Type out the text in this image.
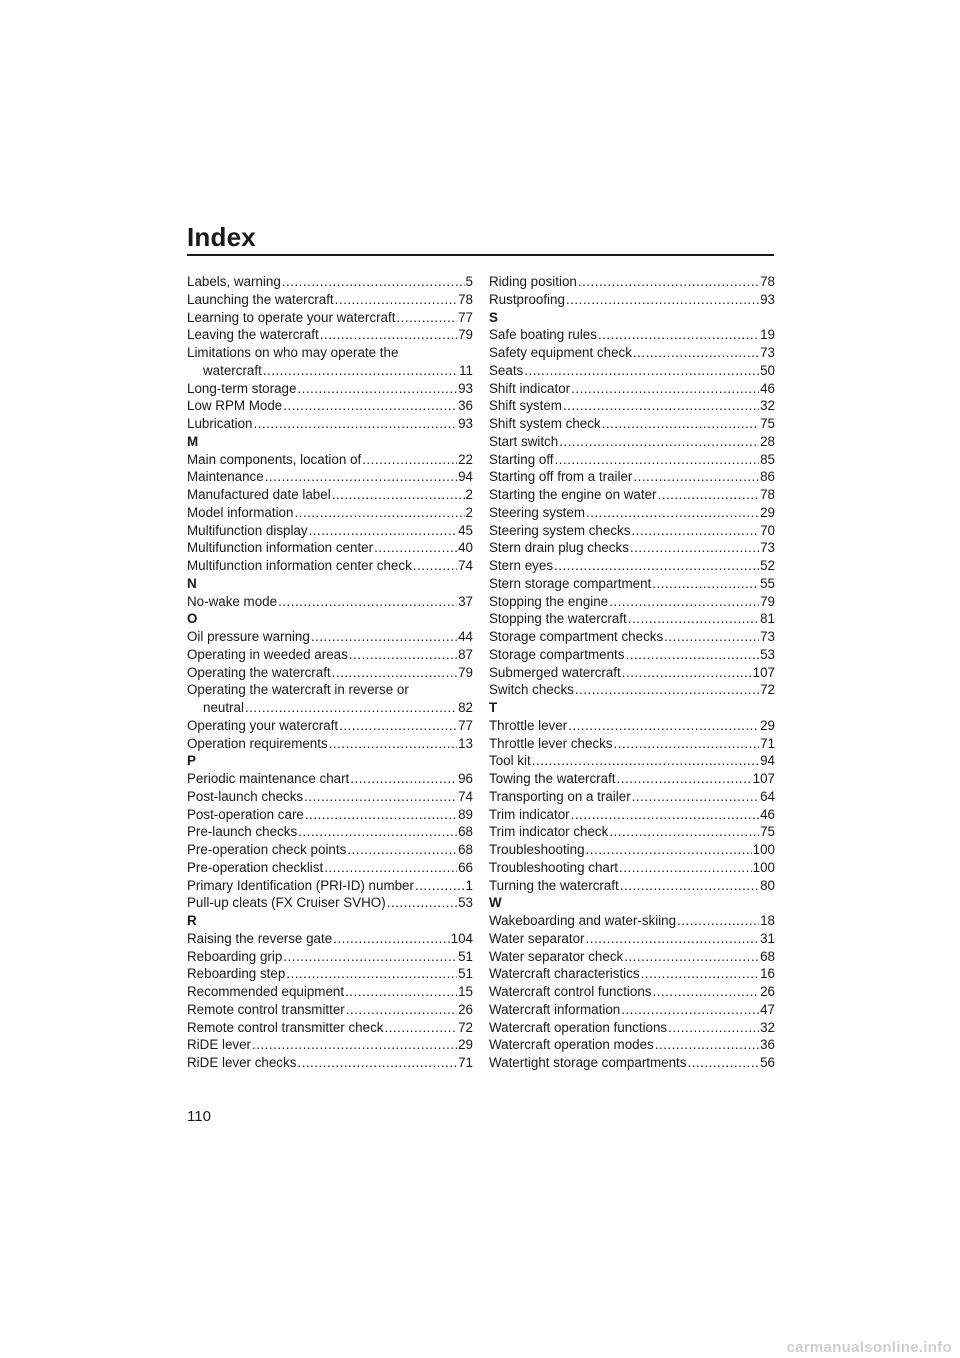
Index
Labels, warning .....	5
Launching the watercraft .....	78
Learning to operate your watercraft .....	77
Leaving the watercraft .....	79
Limitations on who may operate the
watercraft .....	11
Long-term storage .....	93
Low RPM Mode .....	36
Lubrication .....	93
M
Main components, location of .....	22
Maintenance .....	94
Manufactured date label .....	2
Model information .....	2
Multifunction display .....	45
Multifunction information center .....	40
Multifunction information center check .....	74
N
No-wake mode .....	37
O
Oil pressure warning .....	44
Operating in weeded areas .....	87
Operating the watercraft .....	79
Operating the watercraft in reverse or
neutral .....	82
Operating your watercraft .....	77
Operation requirements .....	13
P
Periodic maintenance chart .....	96
Post-launch checks .....	74
Post-operation care .....	89
Pre-launch checks .....	68
Pre-operation check points .....	68
Pre-operation checklist .....	66
Primary Identification (PRI-ID) number .....	1
Pull-up cleats (FX Cruiser SVHO) .....	53
R
Raising the reverse gate .....	104
Reboarding grip .....	51
Reboarding step .....	51
Recommended equipment .....	15
Remote control transmitter .....	26
Remote control transmitter check .....	72
RiDE lever .....	29
RiDE lever checks .....	71
Riding position .....	78
Rustproofing .....	93
S
Safe boating rules .....	19
Safety equipment check .....	73
Seats .....	50
Shift indicator .....	46
Shift system .....	32
Shift system check .....	75
Start switch .....	28
Starting off .....	85
Starting off from a trailer .....	86
Starting the engine on water .....	78
Steering system .....	29
Steering system checks .....	70
Stern drain plug checks .....	73
Stern eyes .....	52
Stern storage compartment .....	55
Stopping the engine .....	79
Stopping the watercraft .....	81
Storage compartment checks .....	73
Storage compartments .....	53
Submerged watercraft .....	107
Switch checks .....	72
T
Throttle lever .....	29
Throttle lever checks .....	71
Tool kit .....	94
Towing the watercraft .....	107
Transporting on a trailer .....	64
Trim indicator .....	46
Trim indicator check .....	75
Troubleshooting .....	100
Troubleshooting chart .....	100
Turning the watercraft .....	80
W
Wakeboarding and water-skiing .....	18
Water separator .....	31
Water separator check .....	68
Watercraft characteristics .....	16
Watercraft control functions .....	26
Watercraft information .....	47
Watercraft operation functions .....	32
Watercraft operation modes .....	36
Watertight storage compartments .....	56
110
carmanualsonline.info
